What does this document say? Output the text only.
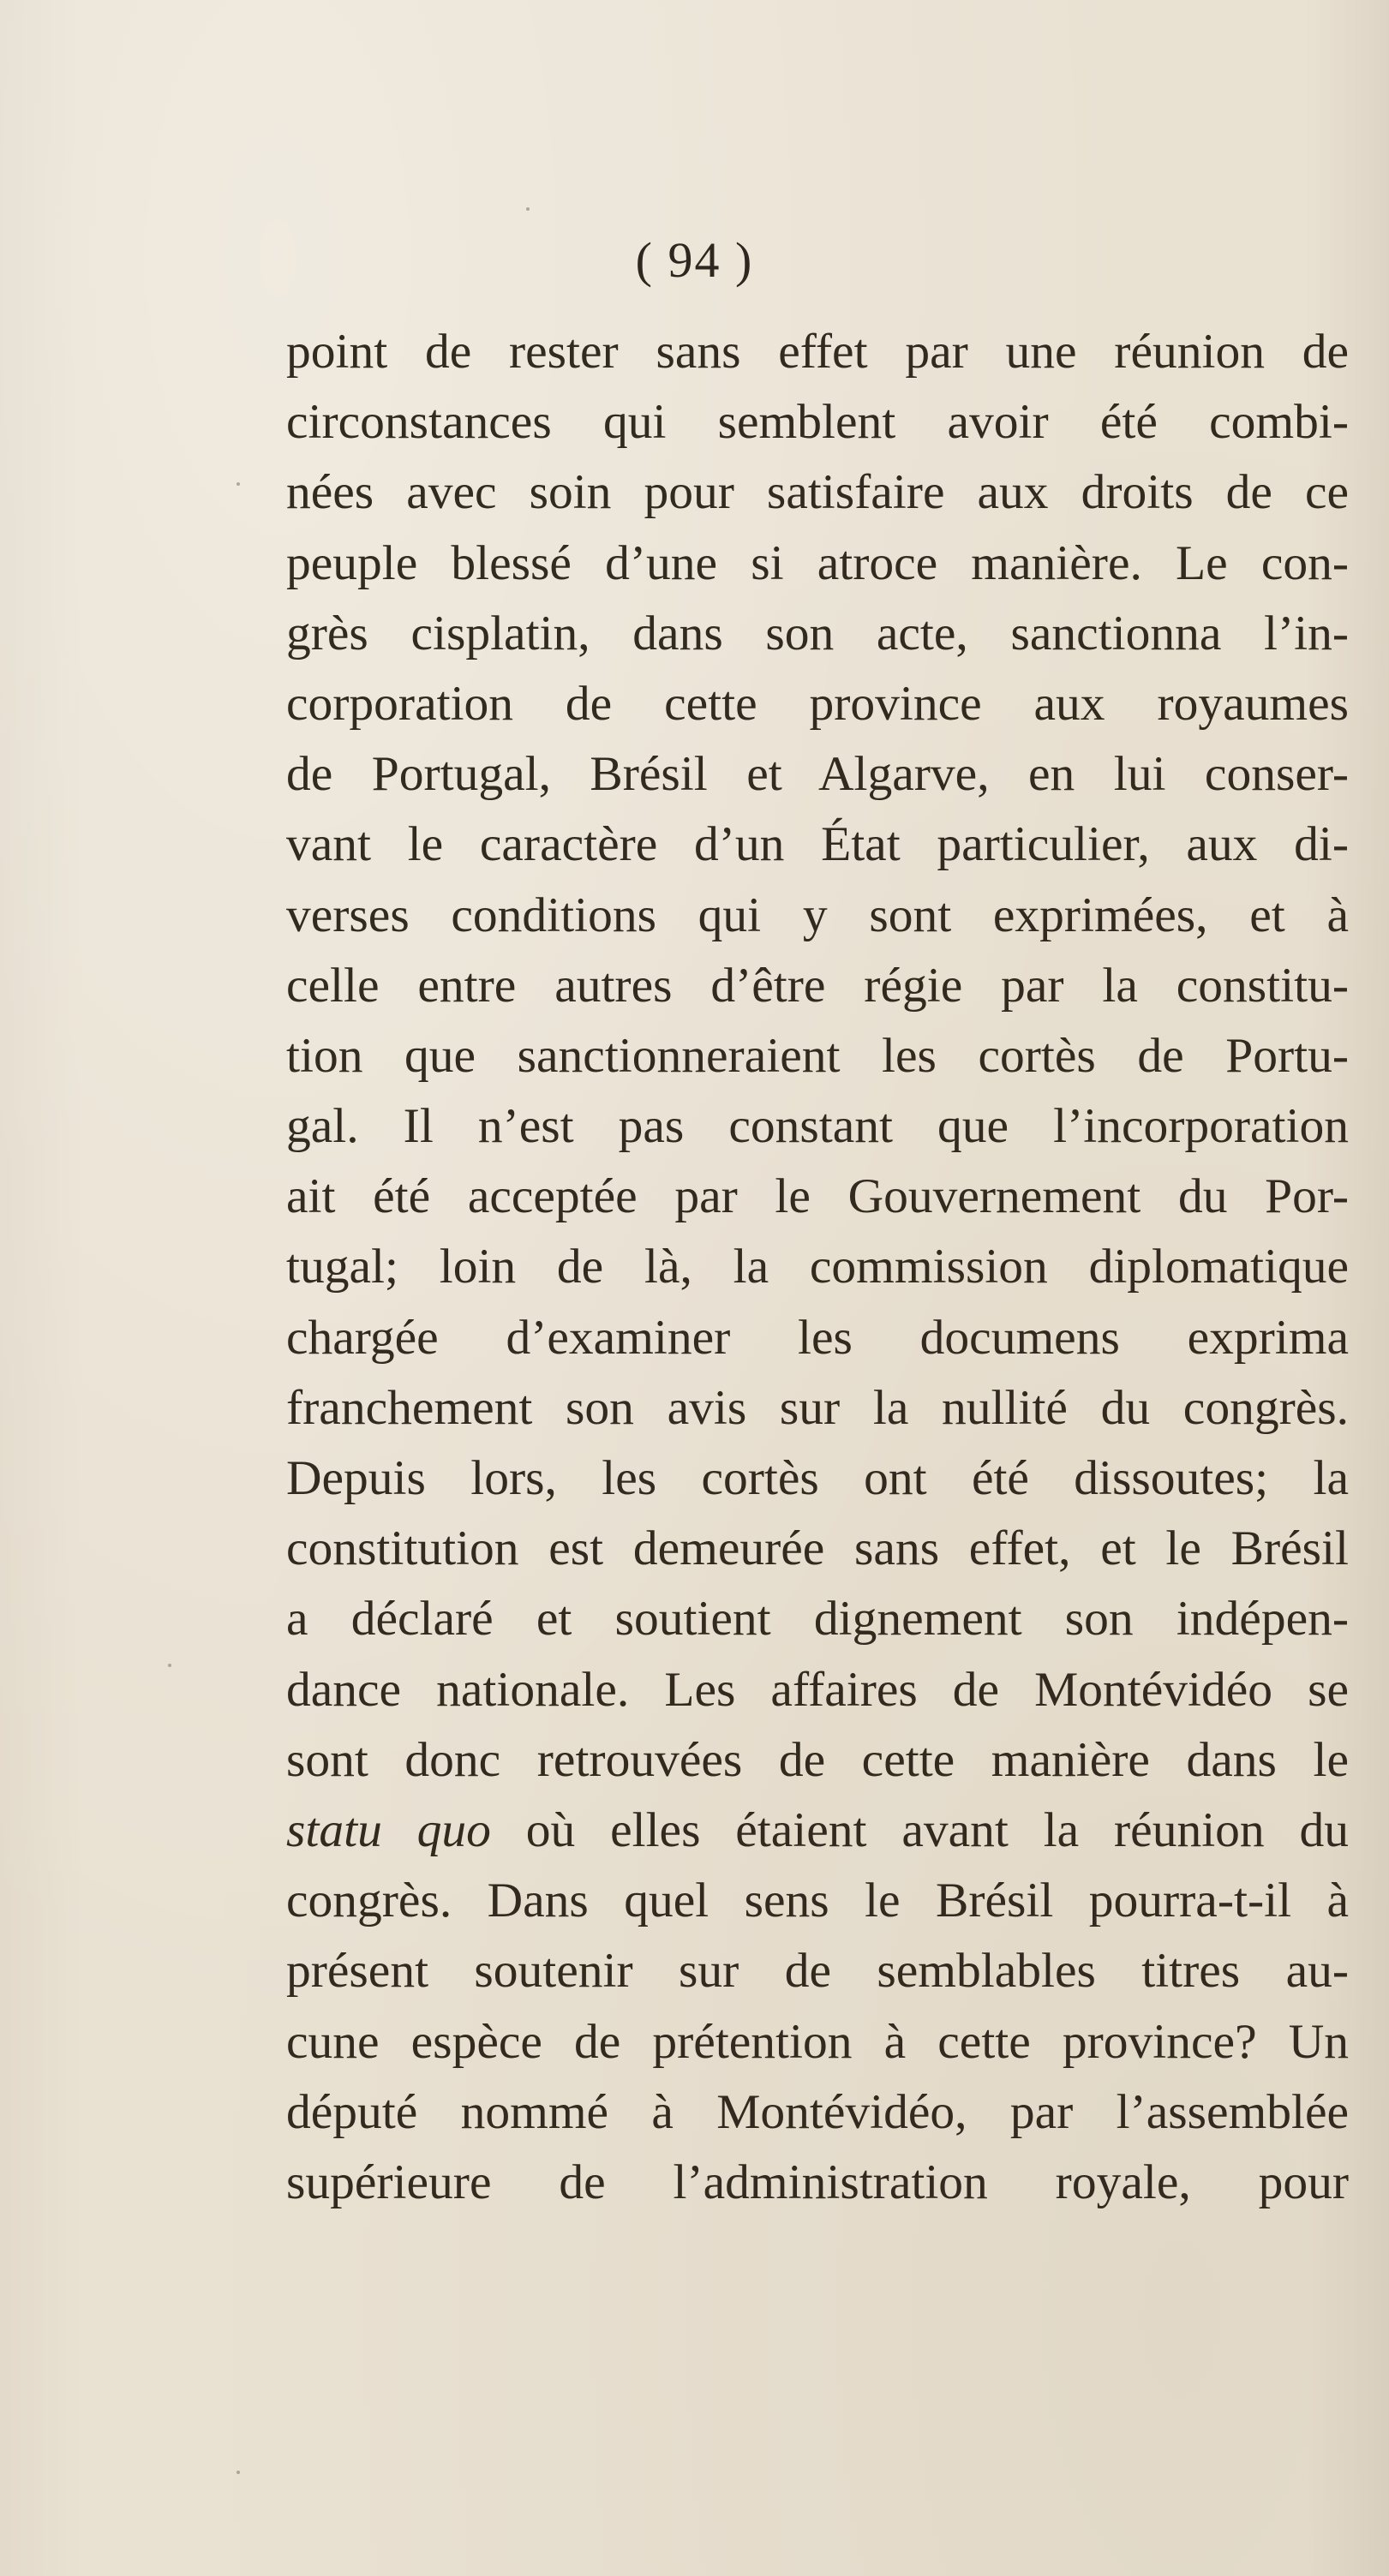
( 94 )
point de rester sans effet par une réunion de
circonstances qui semblent avoir été combi-
nées avec soin pour satisfaire aux droits de ce
peuple blessé d’une si atroce manière. Le con-
grès cisplatin, dans son acte, sanctionna l’in-
corporation de cette province aux royaumes
de Portugal, Brésil et Algarve, en lui conser-
vant le caractère d’un État particulier, aux di-
verses conditions qui y sont exprimées, et à
celle entre autres d’être régie par la constitu-
tion que sanctionneraient les cortès de Portu-
gal. Il n’est pas constant que l’incorporation
ait été acceptée par le Gouvernement du Por-
tugal; loin de là, la commission diplomatique
chargée d’examiner les documens exprima
franchement son avis sur la nullité du congrès.
Depuis lors, les cortès ont été dissoutes; la
constitution est demeurée sans effet, et le Brésil
a déclaré et soutient dignement son indépen-
dance nationale. Les affaires de Montévidéo se
sont donc retrouvées de cette manière dans le
statu quo où elles étaient avant la réunion du
congrès. Dans quel sens le Brésil pourra-t-il à
présent soutenir sur de semblables titres au-
cune espèce de prétention à cette province? Un
député nommé à Montévidéo, par l’assemblée
supérieure de l’administration royale, pour
